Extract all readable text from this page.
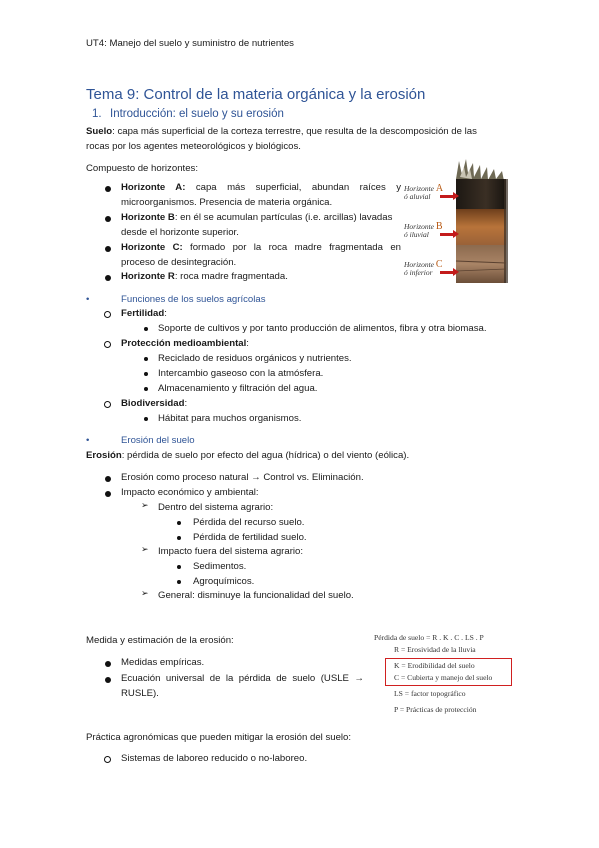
UT4: Manejo del suelo y suministro de nutrientes
Tema 9: Control de la materia orgánica y la erosión
1. Introducción: el suelo y su erosión
Suelo: capa más superficial de la corteza terrestre, que resulta de la descomposición de las
rocas por los agentes meteorológicos y biológicos.
Compuesto de horizontes:
Horizonte A: capa más superficial, abundan raíces y
microorganismos. Presencia de materia orgánica.
Horizonte B: en él se acumulan partículas (i.e. arcillas) lavadas
desde el horizonte superior.
Horizonte C: formado por la roca madre fragmentada en
proceso de desintegración.
Horizonte R: roca madre fragmentada.
Horizonte A
ó aluvial
Horizonte B
ó iluvial
Horizonte C
ó inferior
•	Funciones de los suelos agrícolas
Fertilidad:
Soporte de cultivos y por tanto producción de alimentos, fibra y otra biomasa.
Protección medioambiental:
Reciclado de residuos orgánicos y nutrientes.
Intercambio gaseoso con la atmósfera.
Almacenamiento y filtración del agua.
Biodiversidad:
Hábitat para muchos organismos.
•	Erosión del suelo
Erosión: pérdida de suelo por efecto del agua (hídrica) o del viento (eólica).
Erosión como proceso natural → Control vs. Eliminación.
Impacto económico y ambiental:
➢ Dentro del sistema agrario:
Pérdida del recurso suelo.
Pérdida de fertilidad suelo.
➢ Impacto fuera del sistema agrario:
Sedimentos.
Agroquímicos.
➢ General: disminuye la funcionalidad del suelo.
Medida y estimación de la erosión:
Medidas empíricas.
Ecuación universal de la pérdida de suelo (USLE →
RUSLE).
Pérdida de suelo = R . K . C . LS . P
R = Erosividad de la lluvia
K = Erodibilidad del suelo
C = Cubierta y manejo del suelo
LS = factor topográfico
P = Prácticas de protección
Práctica agronómicas que pueden mitigar la erosión del suelo:
Sistemas de laboreo reducido o no-laboreo.
